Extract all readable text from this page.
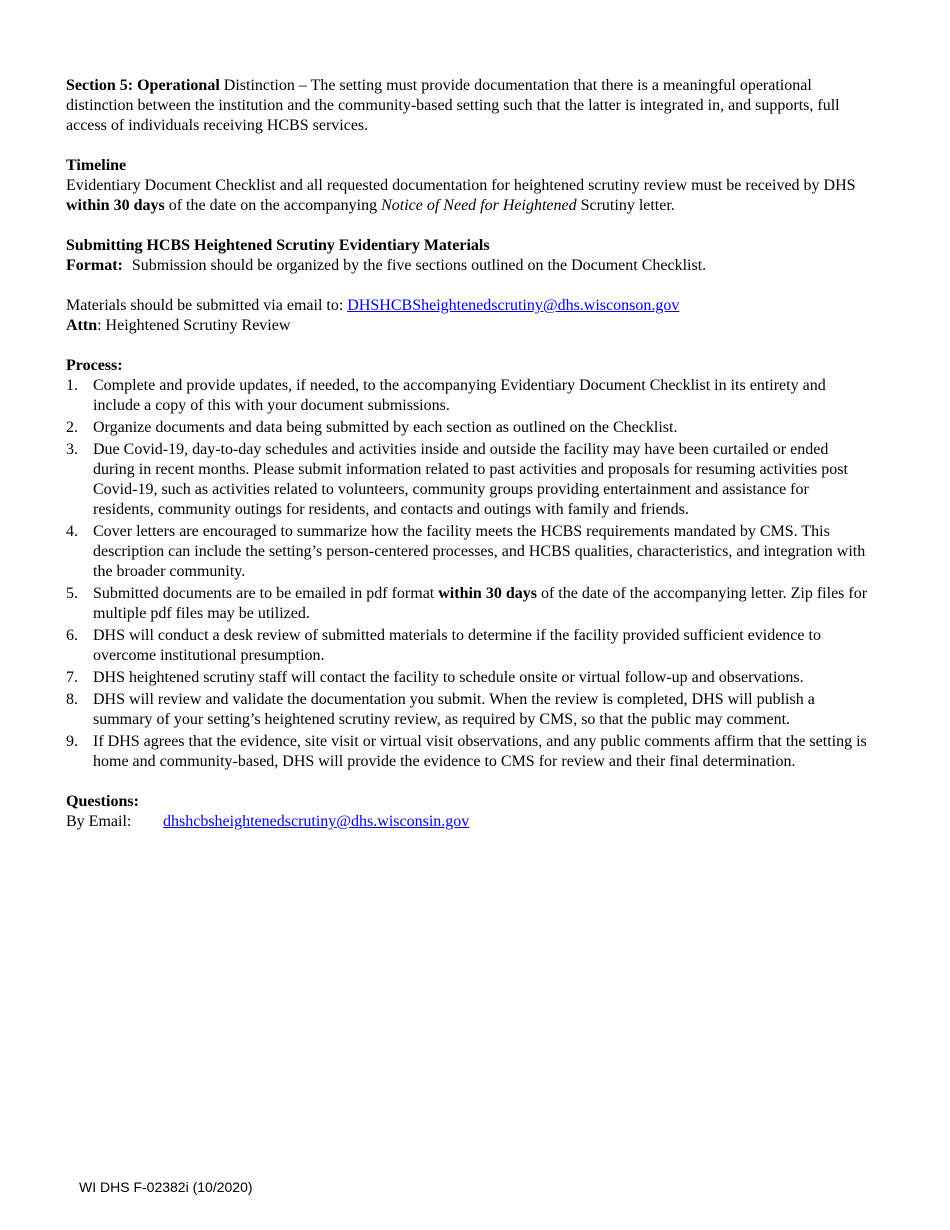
Section 5: Operational Distinction – The setting must provide documentation that there is a meaningful operational distinction between the institution and the community-based setting such that the latter is integrated in, and supports, full access of individuals receiving HCBS services.

Timeline

Evidentiary Document Checklist and all requested documentation for heightened scrutiny review must be received by DHS within 30 days of the date on the accompanying Notice of Need for Heightened Scrutiny letter.

Submitting HCBS Heightened Scrutiny Evidentiary Materials

Format: Submission should be organized by the five sections outlined on the Document Checklist.

Materials should be submitted via email to: DHSHCBSheightenedscrutiny@dhs.wisconson.gov

Attn: Heightened Scrutiny Review

Process:

1. Complete and provide updates, if needed, to the accompanying Evidentiary Document Checklist in its entirety and include a copy of this with your document submissions.
2. Organize documents and data being submitted by each section as outlined on the Checklist.
3. Due Covid-19, day-to-day schedules and activities inside and outside the facility may have been curtailed or ended during in recent months. Please submit information related to past activities and proposals for resuming activities post Covid-19, such as activities related to volunteers, community groups providing entertainment and assistance for residents, community outings for residents, and contacts and outings with family and friends.
4. Cover letters are encouraged to summarize how the facility meets the HCBS requirements mandated by CMS. This description can include the setting’s person-centered processes, and HCBS qualities, characteristics, and integration with the broader community.
5. Submitted documents are to be emailed in pdf format within 30 days of the date of the accompanying letter. Zip files for multiple pdf files may be utilized.
6. DHS will conduct a desk review of submitted materials to determine if the facility provided sufficient evidence to overcome institutional presumption.
7. DHS heightened scrutiny staff will contact the facility to schedule onsite or virtual follow-up and observations.
8. DHS will review and validate the documentation you submit. When the review is completed, DHS will publish a summary of your setting’s heightened scrutiny review, as required by CMS, so that the public may comment.
9. If DHS agrees that the evidence, site visit or virtual visit observations, and any public comments affirm that the setting is home and community-based, DHS will provide the evidence to CMS for review and their final determination.

Questions:

By Email: dhshcbsheightenedscrutiny@dhs.wisconsin.gov

WI DHS F-02382i (10/2020)
